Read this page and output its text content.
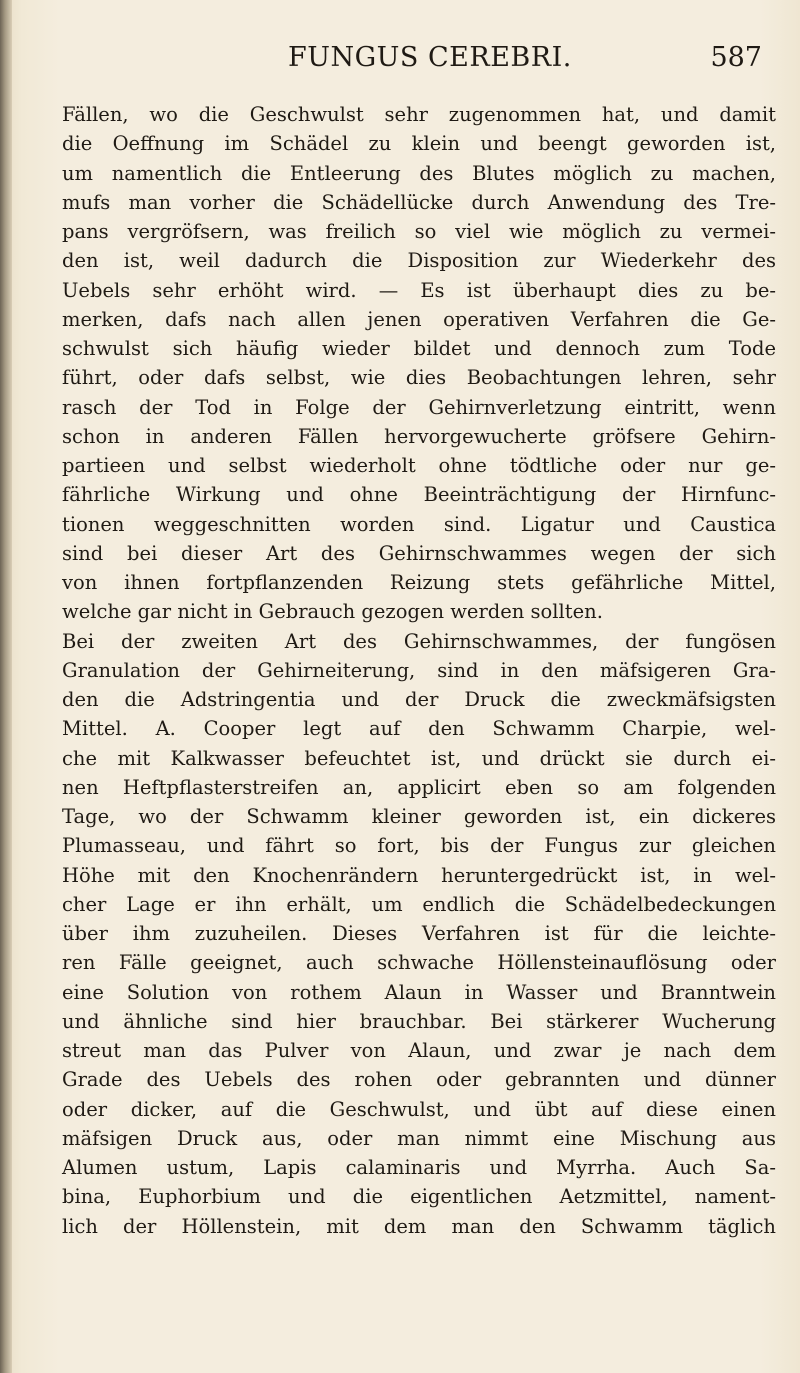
FUNGUS CEREBRI.	587
Fällen, wo die Geschwulst sehr zugenommen hat, und damit
die Oeffnung im Schädel zu klein und beengt geworden ist,
um namentlich die Entleerung des Blutes möglich zu machen,
mufs man vorher die Schädellücke durch Anwendung des Tre-
pans vergröfsern, was freilich so viel wie möglich zu vermei-
den ist, weil dadurch die Disposition zur Wiederkehr des
Uebels sehr erhöht wird. — Es ist überhaupt dies zu be-
merken, dafs nach allen jenen operativen Verfahren die Ge-
schwulst sich häufig wieder bildet und dennoch zum Tode
führt, oder dafs selbst, wie dies Beobachtungen lehren, sehr
rasch der Tod in Folge der Gehirnverletzung eintritt, wenn
schon in anderen Fällen hervorgewucherte gröfsere Gehirn-
partieen und selbst wiederholt ohne tödtliche oder nur ge-
fährliche Wirkung und ohne Beeinträchtigung der Hirnfunc-
tionen weggeschnitten worden sind. Ligatur und Caustica
sind bei dieser Art des Gehirnschwammes wegen der sich
von ihnen fortpflanzenden Reizung stets gefährliche Mittel,
welche gar nicht in Gebrauch gezogen werden sollten.
Bei der zweiten Art des Gehirnschwammes, der fungösen
Granulation der Gehirneiterung, sind in den mäfsigeren Gra-
den die Adstringentia und der Druck die zweckmäfsigsten
Mittel. A. Cooper legt auf den Schwamm Charpie, wel-
che mit Kalkwasser befeuchtet ist, und drückt sie durch ei-
nen Heftpflasterstreifen an, applicirt eben so am folgenden
Tage, wo der Schwamm kleiner geworden ist, ein dickeres
Plumasseau, und fährt so fort, bis der Fungus zur gleichen
Höhe mit den Knochenrändern heruntergedrückt ist, in wel-
cher Lage er ihn erhält, um endlich die Schädelbedeckungen
über ihm zuzuheilen. Dieses Verfahren ist für die leichte-
ren Fälle geeignet, auch schwache Höllensteinauflösung oder
eine Solution von rothem Alaun in Wasser und Branntwein
und ähnliche sind hier brauchbar. Bei stärkerer Wucherung
streut man das Pulver von Alaun, und zwar je nach dem
Grade des Uebels des rohen oder gebrannten und dünner
oder dicker, auf die Geschwulst, und übt auf diese einen
mäfsigen Druck aus, oder man nimmt eine Mischung aus
Alumen ustum, Lapis calaminaris und Myrrha. Auch Sa-
bina, Euphorbium und die eigentlichen Aetzmittel, nament-
lich der Höllenstein, mit dem man den Schwamm täglich
